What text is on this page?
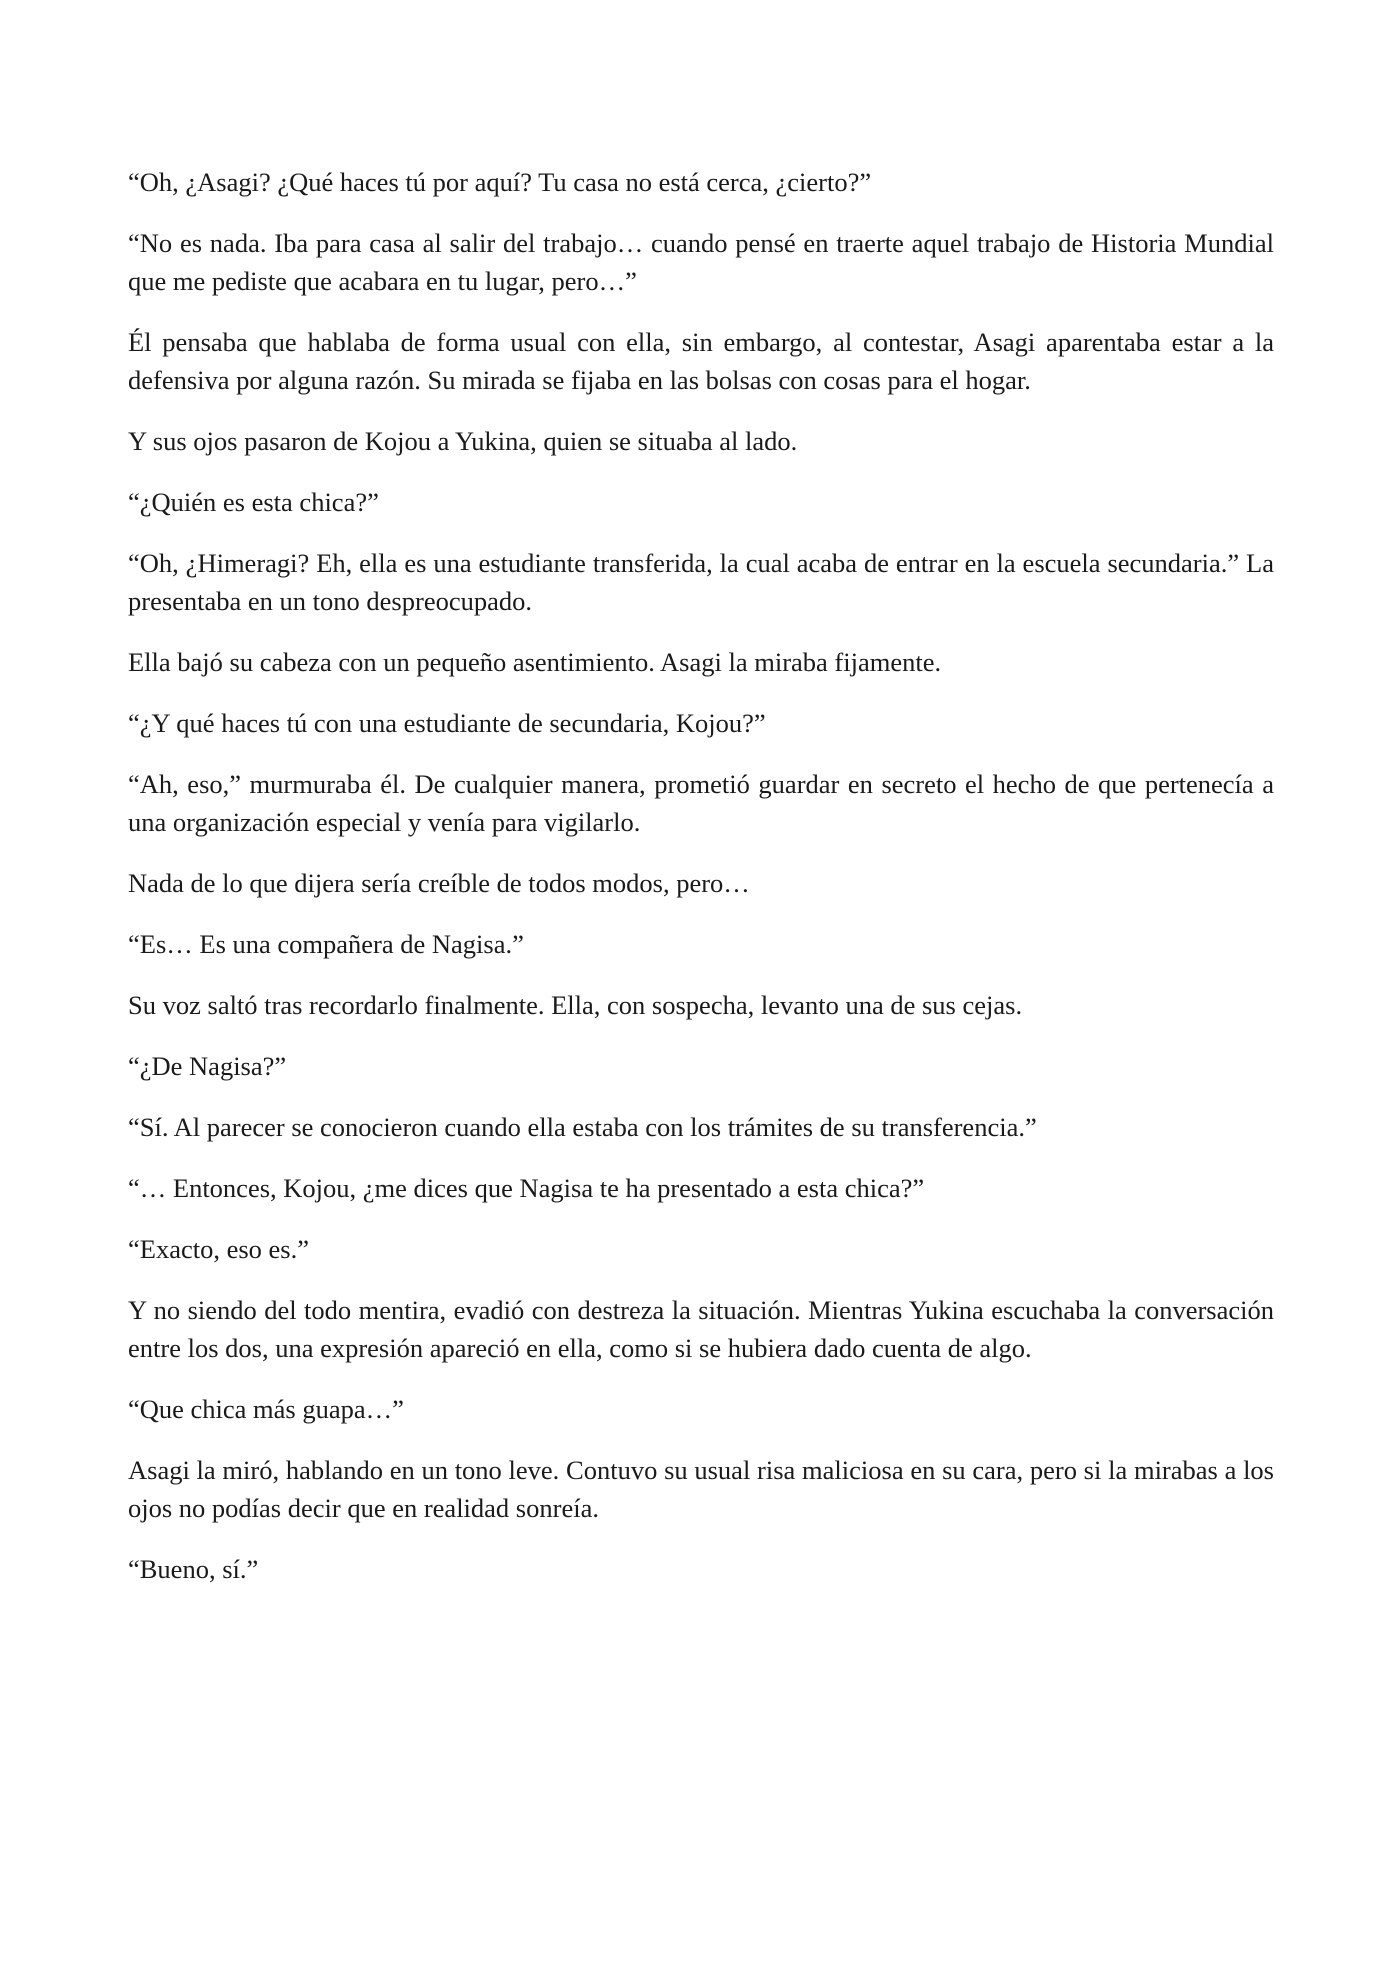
“Oh, ¿Asagi? ¿Qué haces tú por aquí? Tu casa no está cerca, ¿cierto?”

“No es nada. Iba para casa al salir del trabajo… cuando pensé en traerte aquel trabajo de Historia Mundial que me pediste que acabara en tu lugar, pero…”

Él pensaba que hablaba de forma usual con ella, sin embargo, al contestar, Asagi aparentaba estar a la defensiva por alguna razón. Su mirada se fijaba en las bolsas con cosas para el hogar.

Y sus ojos pasaron de Kojou a Yukina, quien se situaba al lado.

“¿Quién es esta chica?”

“Oh, ¿Himeragi? Eh, ella es una estudiante transferida, la cual acaba de entrar en la escuela secundaria.” La presentaba en un tono despreocupado.

Ella bajó su cabeza con un pequeño asentimiento. Asagi la miraba fijamente.

“¿Y qué haces tú con una estudiante de secundaria, Kojou?”

“Ah, eso,” murmuraba él. De cualquier manera, prometió guardar en secreto el hecho de que pertenecía a una organización especial y venía para vigilarlo.

Nada de lo que dijera sería creíble de todos modos, pero…

“Es… Es una compañera de Nagisa.”

Su voz saltó tras recordarlo finalmente. Ella, con sospecha, levanto una de sus cejas.

“¿De Nagisa?”

“Sí. Al parecer se conocieron cuando ella estaba con los trámites de su transferencia.”

“… Entonces, Kojou, ¿me dices que Nagisa te ha presentado a esta chica?”

“Exacto, eso es.”

Y no siendo del todo mentira, evadió con destreza la situación. Mientras Yukina escuchaba la conversación entre los dos, una expresión apareció en ella, como si se hubiera dado cuenta de algo.

“Que chica más guapa…”

Asagi la miró, hablando en un tono leve. Contuvo su usual risa maliciosa en su cara, pero si la mirabas a los ojos no podías decir que en realidad sonreía.

“Bueno, sí.”
